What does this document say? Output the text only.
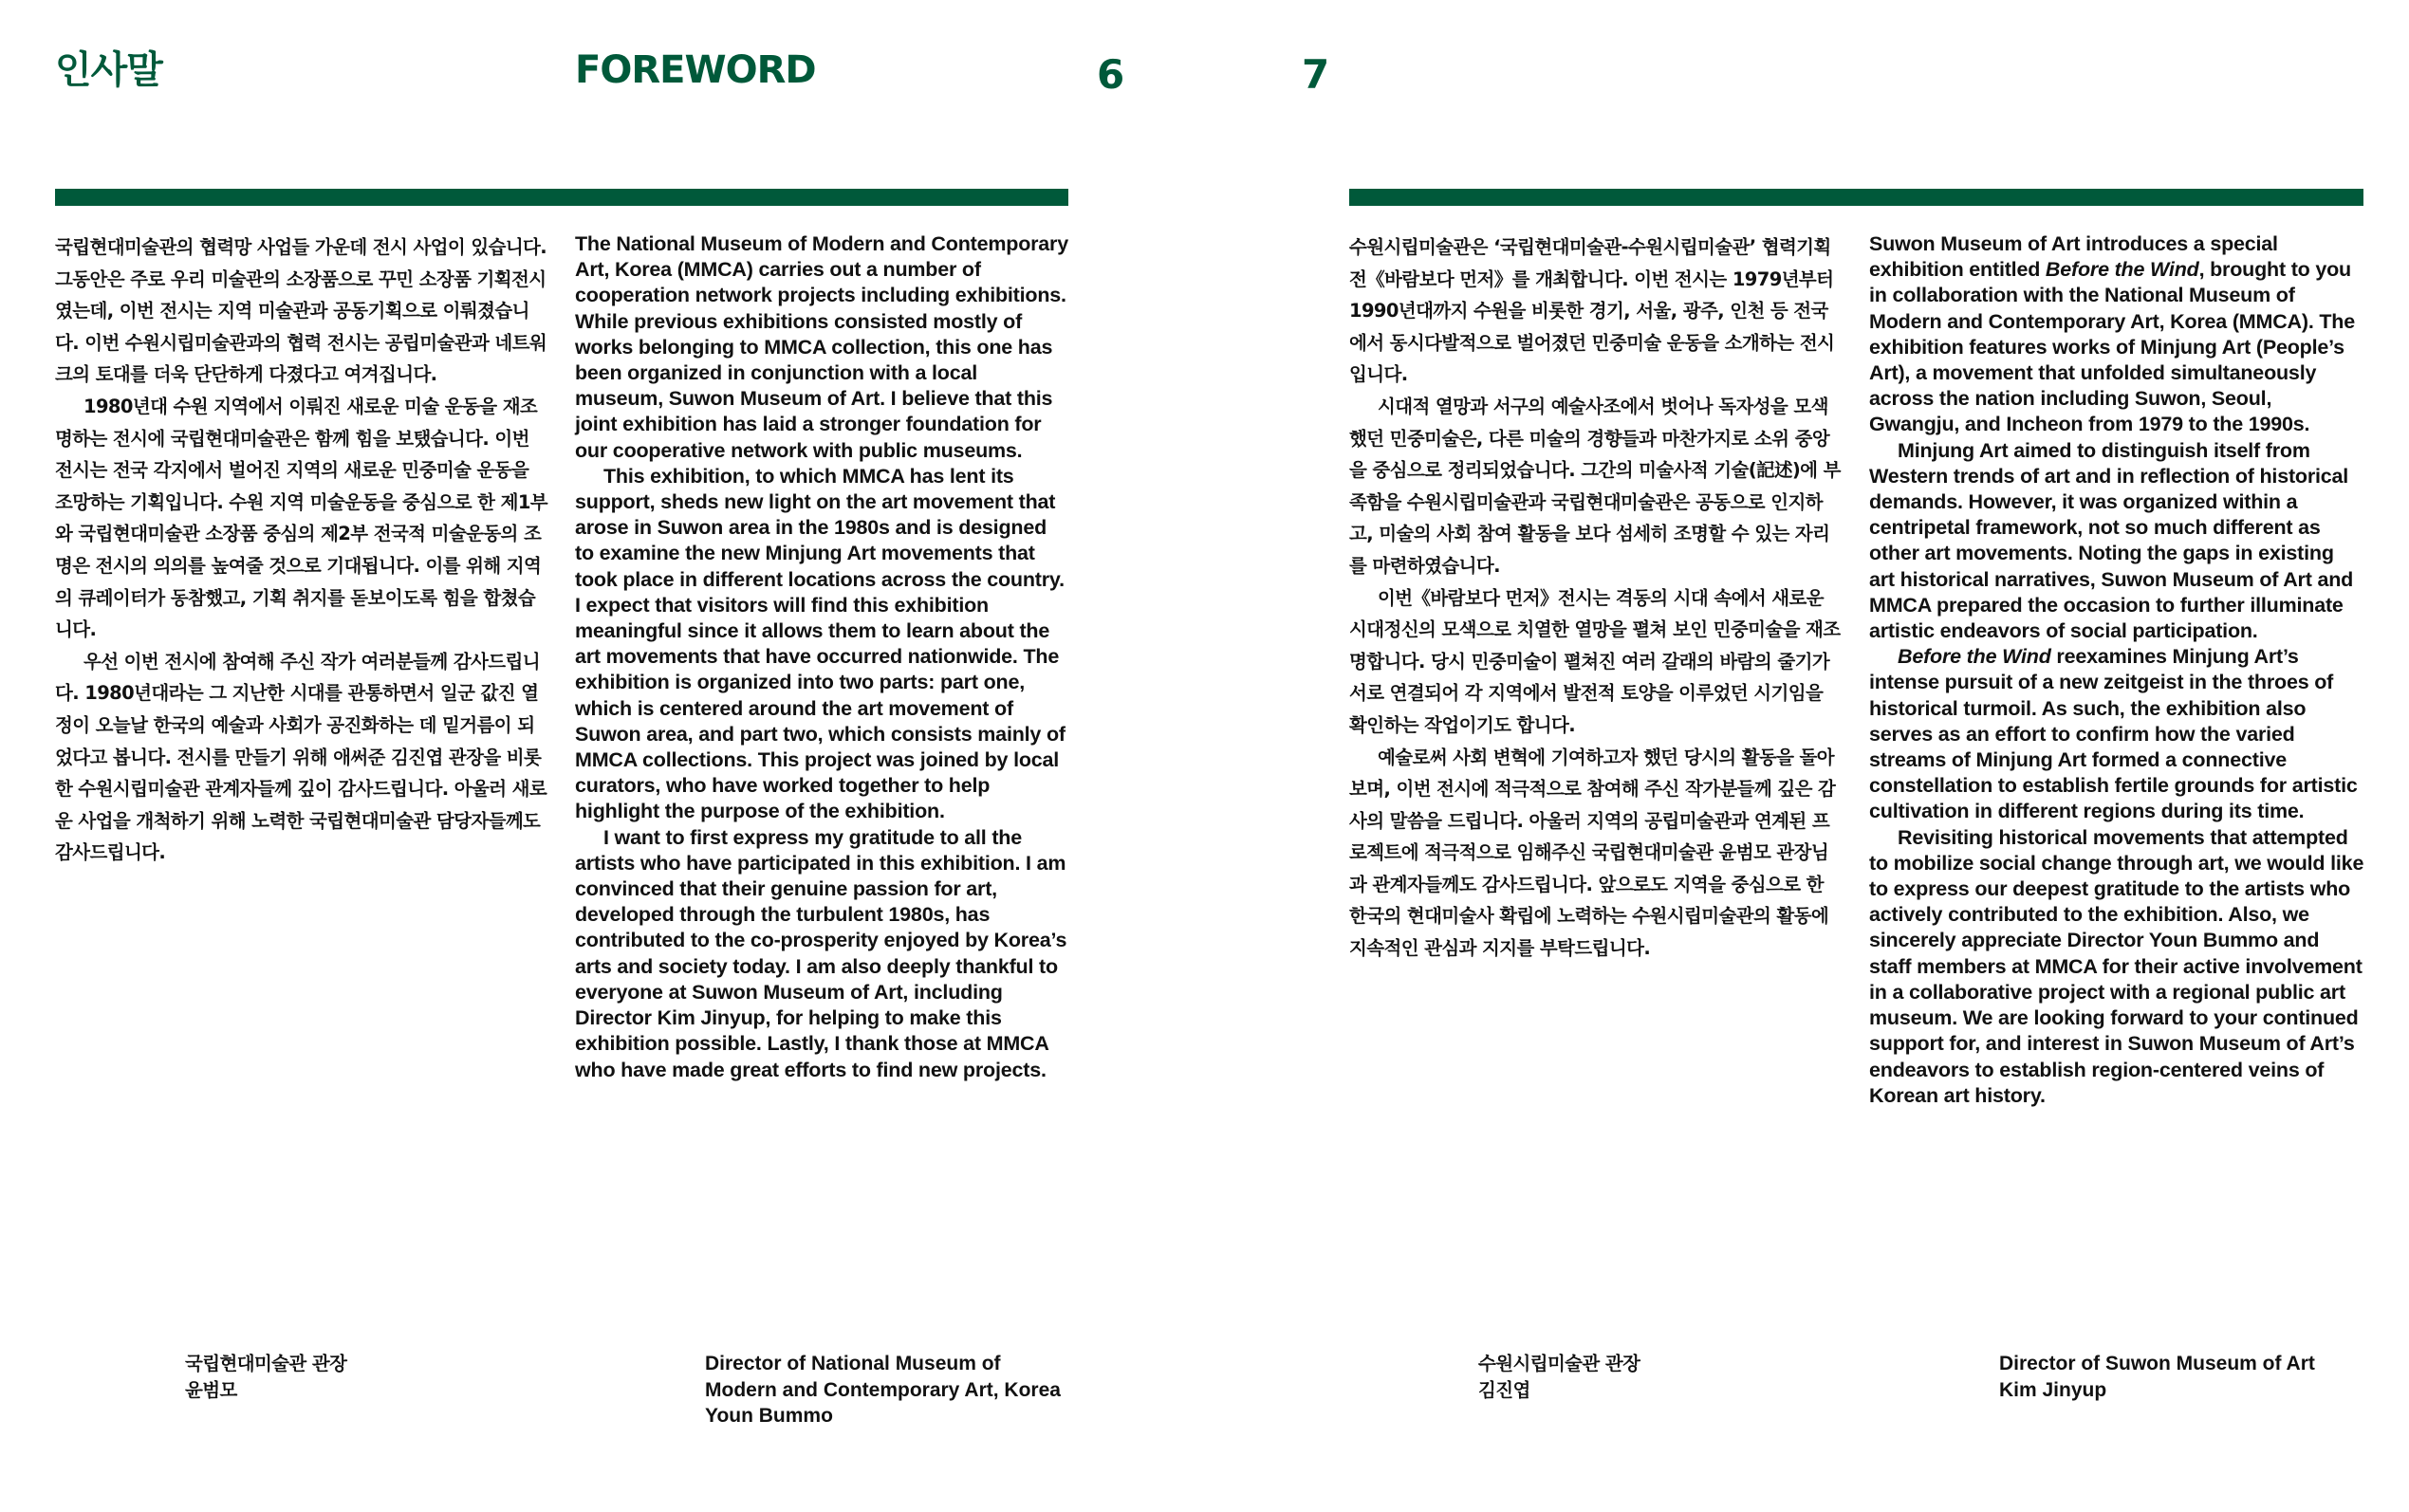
인사말	FOREWORD	6	7

국립현대미술관의 협력망 사업들 가운데 전시 사업이 있습니다. 그동안은 주로 우리 미술관의 소장품으로 꾸민 소장품 기획전시였는데, 이번 전시는 지역 미술관과 공동기획으로 이뤄졌습니다. 이번 수원시립미술관과의 협력 전시는 공립미술관과 네트워크의 토대를 더욱 단단하게 다졌다고 여겨집니다.

1980년대 수원 지역에서 이뤄진 새로운 미술 운동을 재조명하는 전시에 국립현대미술관은 함께 힘을 보탰습니다. 이번 전시는 전국 각지에서 벌어진 지역의 새로운 민중미술 운동을 조망하는 기획입니다. 수원 지역 미술운동을 중심으로 한 제1부와 국립현대미술관 소장품 중심의 제2부 전국적 미술운동의 조명은 전시의 의의를 높여줄 것으로 기대됩니다. 이를 위해 지역의 큐레이터가 동참했고, 기획 취지를 돋보이도록 힘을 합쳤습니다.

우선 이번 전시에 참여해 주신 작가 여러분들께 감사드립니다. 1980년대라는 그 지난한 시대를 관통하면서 일군 값진 열정이 오늘날 한국의 예술과 사회가 공진화하는 데 밑거름이 되었다고 봅니다. 전시를 만들기 위해 애써준 김진엽 관장을 비롯한 수원시립미술관 관계자들께 깊이 감사드립니다. 아울러 새로운 사업을 개척하기 위해 노력한 국립현대미술관 담당자들께도 감사드립니다.

The National Museum of Modern and Contemporary Art, Korea (MMCA) carries out a number of cooperation network projects including exhibitions. While previous exhibitions consisted mostly of works belonging to MMCA collection, this one has been organized in conjunction with a local museum, Suwon Museum of Art. I believe that this joint exhibition has laid a stronger foundation for our cooperative network with public museums.

This exhibition, to which MMCA has lent its support, sheds new light on the art movement that arose in Suwon area in the 1980s and is designed to examine the new Minjung Art movements that took place in different locations across the country. I expect that visitors will find this exhibition meaningful since it allows them to learn about the art movements that have occurred nationwide. The exhibition is organized into two parts: part one, which is centered around the art movement of Suwon area, and part two, which consists mainly of MMCA collections. This project was joined by local curators, who have worked together to help highlight the purpose of the exhibition.

I want to first express my gratitude to all the artists who have participated in this exhibition. I am convinced that their genuine passion for art, developed through the turbulent 1980s, has contributed to the co-prosperity enjoyed by Korea’s arts and society today. I am also deeply thankful to everyone at Suwon Museum of Art, including Director Kim Jinyup, for helping to make this exhibition possible. Lastly, I thank those at MMCA who have made great efforts to find new projects.

수원시립미술관은 ‘국립현대미술관-수원시립미술관’ 협력기획전《바람보다 먼저》를 개최합니다. 이번 전시는 1979년부터 1990년대까지 수원을 비롯한 경기, 서울, 광주, 인천 등 전국에서 동시다발적으로 벌어졌던 민중미술 운동을 소개하는 전시입니다.

시대적 열망과 서구의 예술사조에서 벗어나 독자성을 모색했던 민중미술은, 다른 미술의 경향들과 마찬가지로 소위 중앙을 중심으로 정리되었습니다. 그간의 미술사적 기술(記述)에 부족함을 수원시립미술관과 국립현대미술관은 공동으로 인지하고, 미술의 사회 참여 활동을 보다 섬세히 조명할 수 있는 자리를 마련하였습니다.

이번《바람보다 먼저》전시는 격동의 시대 속에서 새로운 시대정신의 모색으로 치열한 열망을 펼쳐 보인 민중미술을 재조명합니다. 당시 민중미술이 펼쳐진 여러 갈래의 바람의 줄기가 서로 연결되어 각 지역에서 발전적 토양을 이루었던 시기임을 확인하는 작업이기도 합니다.

예술로써 사회 변혁에 기여하고자 했던 당시의 활동을 돌아보며, 이번 전시에 적극적으로 참여해 주신 작가분들께 깊은 감사의 말씀을 드립니다. 아울러 지역의 공립미술관과 연계된 프로젝트에 적극적으로 임해주신 국립현대미술관 윤범모 관장님과 관계자들께도 감사드립니다. 앞으로도 지역을 중심으로 한 한국의 현대미술사 확립에 노력하는 수원시립미술관의 활동에 지속적인 관심과 지지를 부탁드립니다.

Suwon Museum of Art introduces a special exhibition entitled Before the Wind, brought to you in collaboration with the National Museum of Modern and Contemporary Art, Korea (MMCA). The exhibition features works of Minjung Art (People’s Art), a movement that unfolded simultaneously across the nation including Suwon, Seoul, Gwangju, and Incheon from 1979 to the 1990s.

Minjung Art aimed to distinguish itself from Western trends of art and in reflection of historical demands. However, it was organized within a centripetal framework, not so much different as other art movements. Noting the gaps in existing art historical narratives, Suwon Museum of Art and MMCA prepared the occasion to further illuminate artistic endeavors of social participation.

Before the Wind reexamines Minjung Art’s intense pursuit of a new zeitgeist in the throes of historical turmoil. As such, the exhibition also serves as an effort to confirm how the varied streams of Minjung Art formed a connective constellation to establish fertile grounds for artistic cultivation in different regions during its time.

Revisiting historical movements that attempted to mobilize social change through art, we would like to express our deepest gratitude to the artists who actively contributed to the exhibition. Also, we sincerely appreciate Director Youn Bummo and staff members at MMCA for their active involvement in a collaborative project with a regional public art museum. We are looking forward to your continued support for, and interest in Suwon Museum of Art’s endeavors to establish region-centered veins of Korean art history.

국립현대미술관 관장
윤범모
Director of National Museum of
Modern and Contemporary Art, Korea
Youn Bummo
수원시립미술관 관장
김진엽
Director of Suwon Museum of Art
Kim Jinyup
